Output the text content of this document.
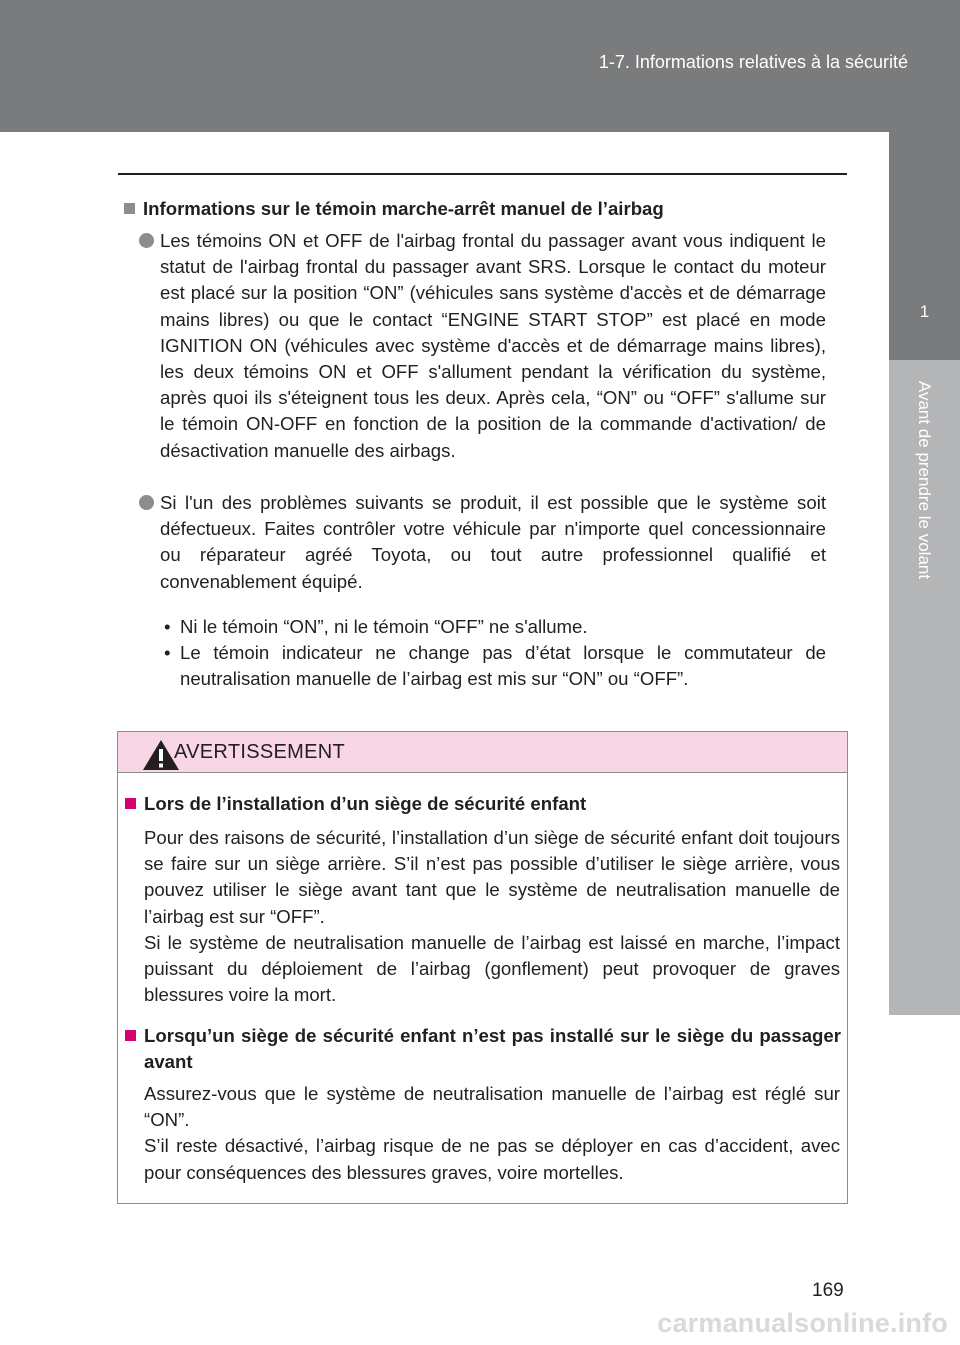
1-7. Informations relatives à la sécurité
1
Avant de prendre le volant
Informations sur le témoin marche-arrêt manuel de l’airbag

Les témoins ON et OFF de l'airbag frontal du passager avant vous indiquent le statut de l'airbag frontal du passager avant SRS. Lorsque le contact du moteur est placé sur la position “ON” (véhicules sans système d'accès et de démarrage mains libres) ou que le contact “ENGINE START STOP” est placé en mode IGNITION ON (véhicules avec système d'accès et de démarrage mains libres), les deux témoins ON et OFF s'allument pendant la vérification du système, après quoi ils s'éteignent tous les deux. Après cela, “ON” ou “OFF” s'allume sur le témoin ON-OFF en fonction de la position de la commande d'activation/ de désactivation manuelle des airbags.

Si l'un des problèmes suivants se produit, il est possible que le système soit défectueux. Faites contrôler votre véhicule par n'importe quel concessionnaire ou réparateur agréé Toyota, ou tout autre professionnel qualifié et convenablement équipé.

• Ni le témoin “ON”, ni le témoin “OFF” ne s'allume.
• Le témoin indicateur ne change pas d’état lorsque le commutateur de neutralisation manuelle de l’airbag est mis sur “ON” ou “OFF”.
AVERTISSEMENT
Lors de l’installation d’un siège de sécurité enfant

Pour des raisons de sécurité, l’installation d’un siège de sécurité enfant doit toujours se faire sur un siège arrière. S’il n’est pas possible d’utiliser le siège arrière, vous pouvez utiliser le siège avant tant que le système de neutralisation manuelle de l’airbag est sur “OFF”.

Si le système de neutralisation manuelle de l’airbag est laissé en marche, l’impact puissant du déploiement de l’airbag (gonflement) peut provoquer de graves blessures voire la mort.

Lorsqu’un siège de sécurité enfant n’est pas installé sur le siège du passager avant

Assurez-vous que le système de neutralisation manuelle de l’airbag est réglé sur “ON”.

S’il reste désactivé, l’airbag risque de ne pas se déployer en cas d’accident, avec pour conséquences des blessures graves, voire mortelles.

169
carmanualsonline.info
